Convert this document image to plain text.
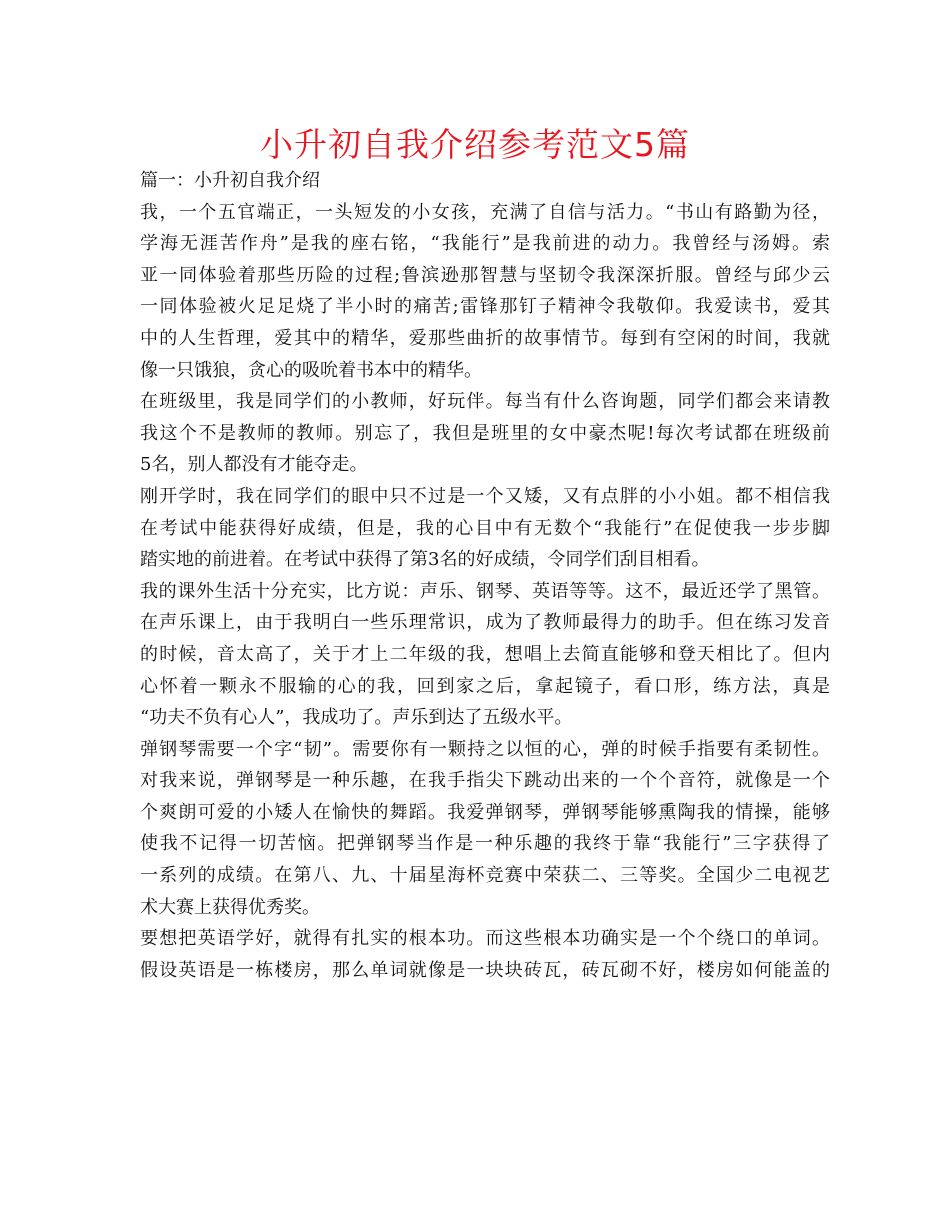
小升初自我介绍参考范文5篇
篇一：小升初自我介绍
我，一个五官端正，一头短发的小女孩，充满了自信与活力。“书山有路勤为径，
学海无涯苦作舟”是我的座右铭，“我能行”是我前进的动力。我曾经与汤姆。索
亚一同体验着那些历险的过程;鲁滨逊那智慧与坚韧令我深深折服。曾经与邱少云
一同体验被火足足烧了半小时的痛苦;雷锋那钉子精神令我敬仰。我爱读书，爱其
中的人生哲理，爱其中的精华，爱那些曲折的故事情节。每到有空闲的时间，我就
像一只饿狼，贪心的吸吮着书本中的精华。
在班级里，我是同学们的小教师，好玩伴。每当有什么咨询题，同学们都会来请教
我这个不是教师的教师。别忘了，我但是班里的女中豪杰呢!每次考试都在班级前
5名，别人都没有才能夺走。
刚开学时，我在同学们的眼中只不过是一个又矮，又有点胖的小小姐。都不相信我
在考试中能获得好成绩，但是，我的心目中有无数个“我能行”在促使我一步步脚
踏实地的前进着。在考试中获得了第3名的好成绩，令同学们刮目相看。
我的课外生活十分充实，比方说：声乐、钢琴、英语等等。这不，最近还学了黑管。
在声乐课上，由于我明白一些乐理常识，成为了教师最得力的助手。但在练习发音
的时候，音太高了，关于才上二年级的我，想唱上去简直能够和登天相比了。但内
心怀着一颗永不服输的心的我，回到家之后，拿起镜子，看口形，练方法，真是
“功夫不负有心人”，我成功了。声乐到达了五级水平。
弹钢琴需要一个字“韧”。需要你有一颗持之以恒的心，弹的时候手指要有柔韧性。
对我来说，弹钢琴是一种乐趣，在我手指尖下跳动出来的一个个音符，就像是一个
个爽朗可爱的小矮人在愉快的舞蹈。我爱弹钢琴，弹钢琴能够熏陶我的情操，能够
使我不记得一切苦恼。把弹钢琴当作是一种乐趣的我终于靠“我能行”三字获得了
一系列的成绩。在第八、九、十届星海杯竞赛中荣获二、三等奖。全国少二电视艺
术大赛上获得优秀奖。
要想把英语学好，就得有扎实的根本功。而这些根本功确实是一个个绕口的单词。
假设英语是一栋楼房，那么单词就像是一块块砖瓦，砖瓦砌不好，楼房如何能盖的
